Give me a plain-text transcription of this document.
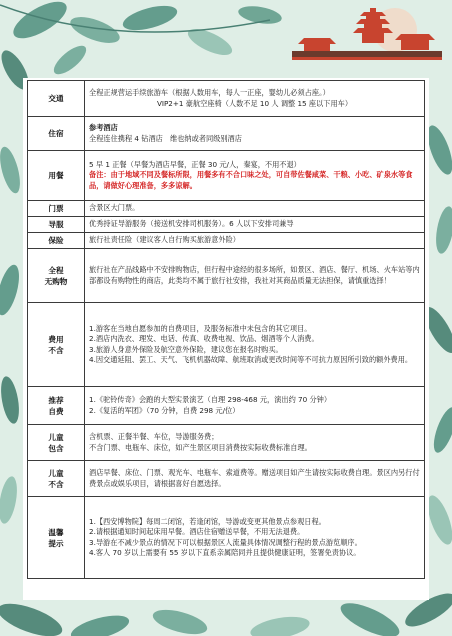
交通	全程正规营运手续旅游车（根据人数用车，每人一正座，婴幼儿必须占座。）
VIP2+1 豪航空座椅（人数不足 10 人 调整 15 座以下用车）

住宿	参考酒店
全程连住携程 4 钻酒店　维也纳或者同级别酒店

用餐	5 早 1 正餐（早餐为酒店早餐，正餐 30 元/人，秦宴，不用不退）
备注：由于地域不同及餐标所限，用餐多有不合口味之处，可自带佐餐咸菜、干粮、小吃、矿泉水等食品，请做好心理准备，多多谅解。

门票	含景区大门票。
导服	优秀持证导游服务（接送机安排司机服务）。6 人以下安排司兼导
保险	旅行社责任险（建议客人自行购买旅游意外险）

全程
无购物	旅行社在产品线路中不安排购物店，但行程中途经的很多场所，如景区、酒店、餐厅、机场、火车站等内部都设有购物性的商店，此类均不属于旅行社安排，我社对其商品质量无法担保，请慎重选择！

费用
不含	1.游客在当地自愿参加的自费项目，及服务标准中未包含的其它项目。
2.酒店内洗衣、理发、电话、传真、收费电视、饮品、烟酒等个人消费。
3.旅游人身意外保险及航空意外保险，建议您在报名时购买。
4.因交通延阻、罢工、天气、飞机机器故障、航班取消或更改时间等不可抗力原因所引致的额外费用。

推荐
自费	1.《驼铃传奇》会跑的大型实景演艺（自理 298-468 元，演出约 70 分钟）
2.《复活的军团》（70 分钟，自费 298 元/位）

儿童
包含	含机票、正餐半餐、车位，导游服务费；
不含门票、电瓶车、床位，如产生景区项目消费按实际收费标准自理。

儿童
不含	酒店早餐、床位、门票、观光车、电瓶车、索道费等。赠送项目如产生请按实际收费自理。景区内另行付费景点或娱乐项目，请根据喜好自愿选择。

温馨
提示	1.【西安博物院】每周二闭馆，若逢闭馆，导游或变更其他景点参观日程。
2.请根据通知时间起床用早餐。酒店住宿赠送早餐，不用无法退费。
3.导游在不减少景点的情况下可以根据景区人流量具体情况调整行程的景点游览顺序。
4.客人 70 岁以上需要有 55 岁以下直系亲属陪同并且提供健康证明，签署免责协议。
